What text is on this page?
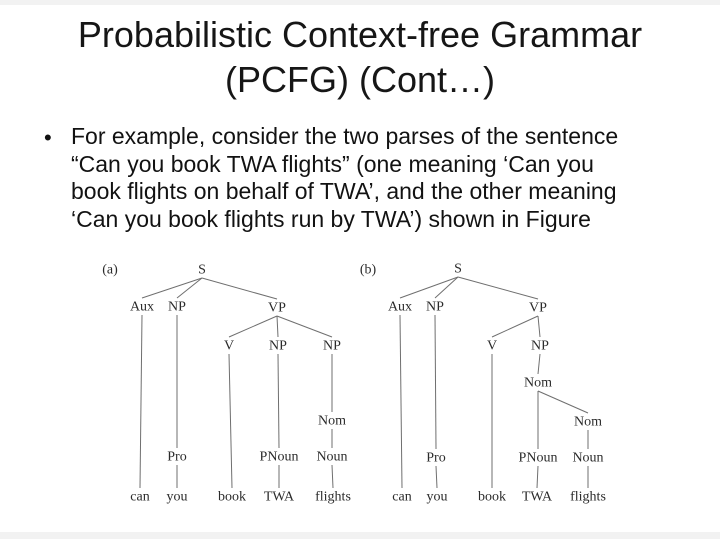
Probabilistic Context-free Grammar
(PCFG) (Cont…)
• For example, consider the two parses of the sentence
“Can you book TWA flights” (one meaning ‘Can you
book flights on behalf of TWA’, and the other meaning
‘Can you book flights run by TWA’) shown in Figure
S
Aux NP	VP
V NP	NP
Nom
Pro	PNoun Noun
can you book TWA flights
(a)	S
Aux NP	VP
V NP
Nom
Nom
Pro	PNoun Noun
can you book TWA flights
(b)
